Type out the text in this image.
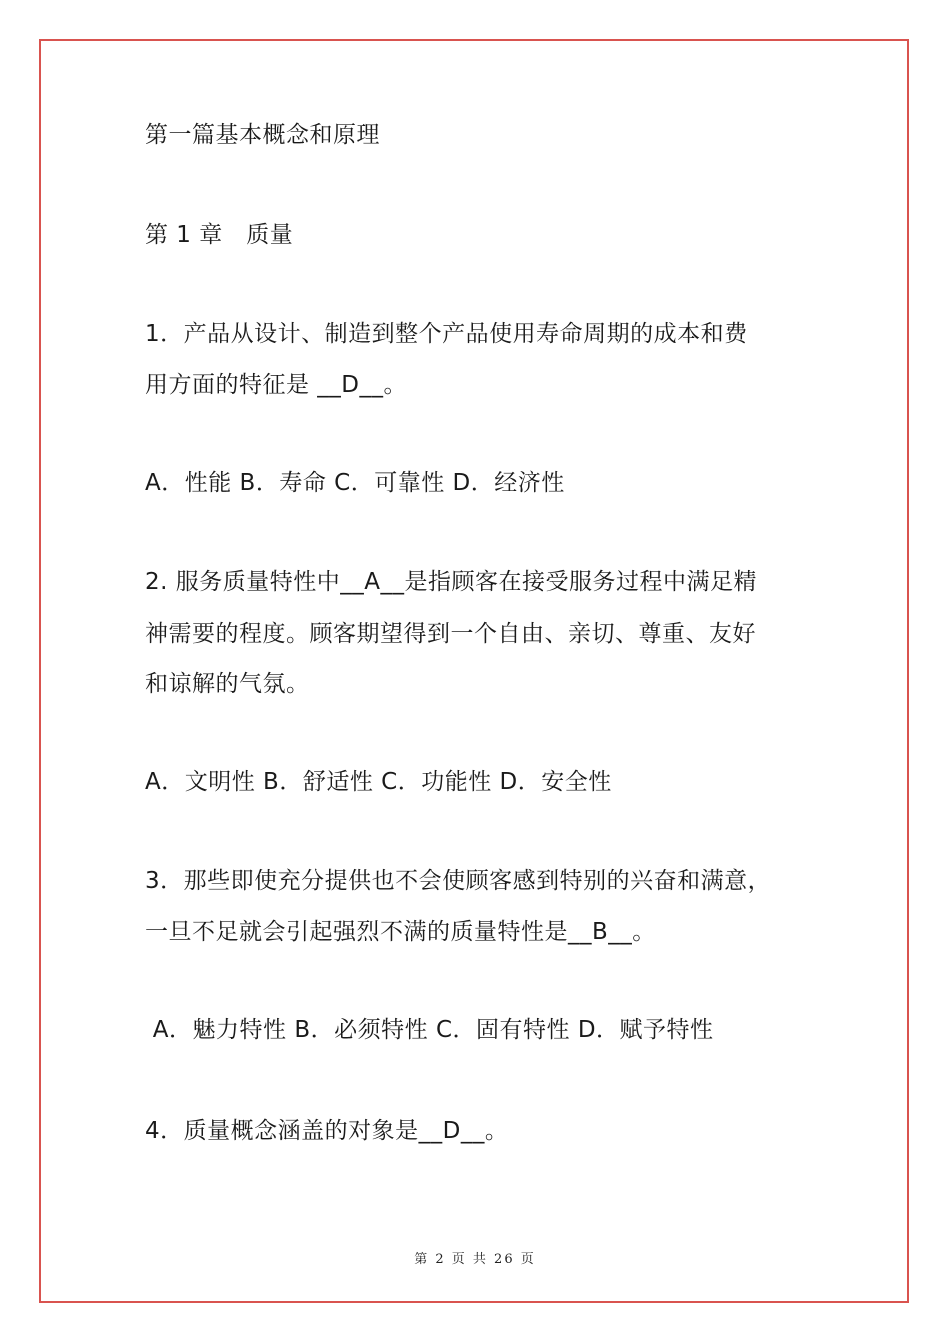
第一篇基本概念和原理
第 1 章　质量
1．产品从设计、制造到整个产品使用寿命周期的成本和费
用方面的特征是 __D__。
A．性能 B．寿命 C．可靠性 D．经济性
2. 服务质量特性中__A__是指顾客在接受服务过程中满足精
神需要的程度。顾客期望得到一个自由、亲切、尊重、友好
和谅解的气氛。
A．文明性 B．舒适性 C．功能性 D．安全性
3．那些即使充分提供也不会使顾客感到特别的兴奋和满意，
一旦不足就会引起强烈不满的质量特性是__B__。
A．魅力特性 B．必须特性 C．固有特性 D．赋予特性
4．质量概念涵盖的对象是__D__。
第 2 页 共 26 页
